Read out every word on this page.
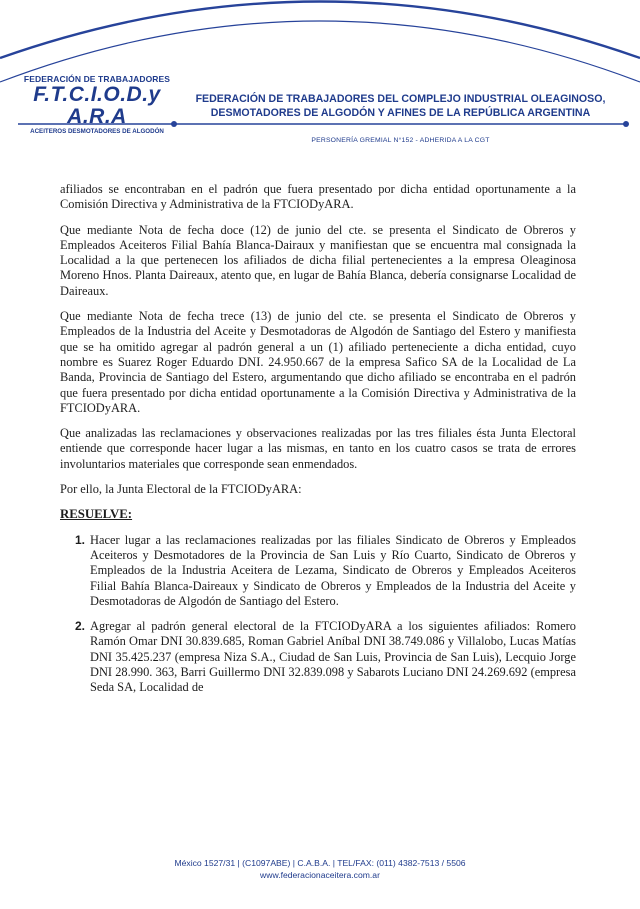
FEDERACIÓN DE TRABAJADORES
F.T.C.I.O.D.y A.R.A
ACEITEROS DESMOTADORES DE ALGODÓN
FEDERACIÓN DE TRABAJADORES DEL COMPLEJO INDUSTRIAL OLEAGINOSO,
DESMOTADORES DE ALGODÓN Y AFINES DE LA REPÚBLICA ARGENTINA
PERSONERÍA GREMIAL N°152 - ADHERIDA A LA CGT

afiliados se encontraban en el padrón que fuera presentado por dicha entidad oportunamente a la Comisión Directiva y Administrativa de la FTCIODyARA.

Que mediante Nota de fecha doce (12) de junio del cte. se presenta el Sindicato de Obreros y Empleados Aceiteros Filial Bahía Blanca-Dairaux y manifiestan que se encuentra mal consignada la Localidad a la que pertenecen los afiliados de dicha filial pertenecientes a la empresa Oleaginosa Moreno Hnos. Planta Daireaux, atento que, en lugar de Bahía Blanca, debería consignarse Localidad de Daireaux.

Que mediante Nota de fecha trece (13) de junio del cte. se presenta el Sindicato de Obreros y Empleados de la Industria del Aceite y Desmotadoras de Algodón de Santiago del Estero y manifiesta que se ha omitido agregar al padrón general a un (1) afiliado perteneciente a dicha entidad, cuyo nombre es Suarez Roger Eduardo DNI. 24.950.667 de la empresa Safico SA de la Localidad de La Banda, Provincia de Santiago del Estero, argumentando que dicho afiliado se encontraba en el padrón que fuera presentado por dicha entidad oportunamente a la Comisión Directiva y Administrativa de la FTCIODyARA.

Que analizadas las reclamaciones y observaciones realizadas por las tres filiales ésta Junta Electoral entiende que corresponde hacer lugar a las mismas, en tanto en los cuatro casos se trata de errores involuntarios materiales que corresponde sean enmendados.

Por ello, la Junta Electoral de la FTCIODyARA:

RESUELVE:
1. Hacer lugar a las reclamaciones realizadas por las filiales Sindicato de Obreros y Empleados Aceiteros y Desmotadores de la Provincia de San Luis y Río Cuarto, Sindicato de Obreros y Empleados de la Industria Aceitera de Lezama, Sindicato de Obreros y Empleados Aceiteros Filial Bahía Blanca-Daireaux y Sindicato de Obreros y Empleados de la Industria del Aceite y Desmotadoras de Algodón de Santiago del Estero.
2. Agregar al padrón general electoral de la FTCIODyARA a los siguientes afiliados: Romero Ramón Omar DNI 30.839.685, Roman Gabriel Aníbal DNI 38.749.086 y Villalobo, Lucas Matías DNI 35.425.237 (empresa Niza S.A., Ciudad de San Luis, Provincia de San Luis), Lecquio Jorge DNI 28.990. 363, Barri Guillermo DNI 32.839.098 y Sabarots Luciano DNI 24.269.692 (empresa Seda SA, Localidad de
México 1527/31 | (C1097ABE) | C.A.B.A. | TEL/FAX: (011) 4382-7513 / 5506
www.federacionaceitera.com.ar
